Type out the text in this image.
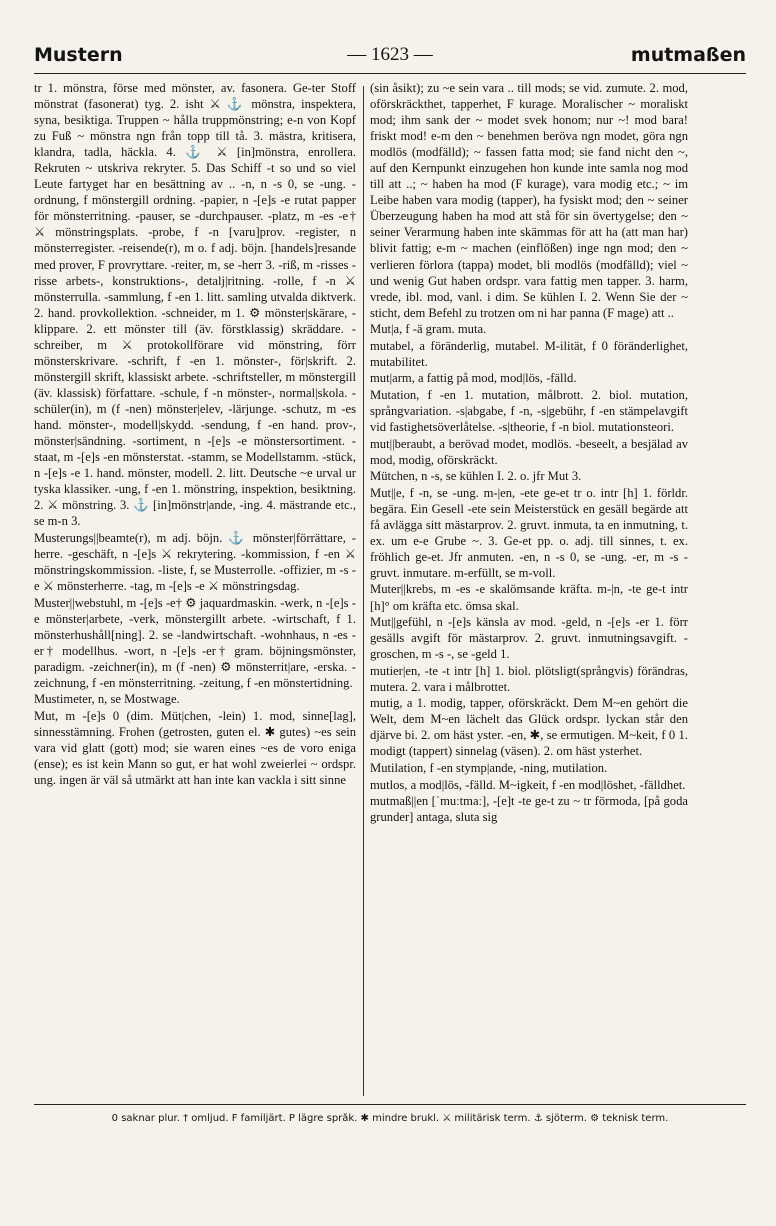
Mustern	— 1623 —	mutmaßen

tr 1. mönstra, förse med mönster, av. fasonera. Ge-ter Stoff mönstrat (fasonerat) tyg. 2. isht ⚔ ⚓ mönstra, inspektera, syna, besiktiga. Truppen ~ hålla truppmönstring; e-n von Kopf zu Fuß ~ mönstra ngn från topp till tå. 3. mästra, kritisera, klandra, tadla, häckla. 4. ⚓ ⚔ [in]mönstra, enrollera. Rekruten ~ utskriva rekryter. 5. Das Schiff -t so und so viel Leute fartyget har en besättning av .. -n, n -s 0, se -ung. -ordnung, f mönstergill ordning. -papier, n -[e]s -e rutat papper för mönsterritning. -pauser, se -durchpauser. -platz, m -es -e† ⚔ mönstringsplats. -probe, f -n [varu]prov. -register, n mönsterregister. -reisende(r), m o. f adj. böjn. [handels]resande med prover, F provryttare. -reiter, m, se -herr 3. -riß, m -risses -risse arbets-, konstruktions-, detalj|ritning. -rolle, f -n ⚔ mönsterrulla. -sammlung, f -en 1. litt. samling utvalda diktverk. 2. hand. provkollektion. -schneider, m 1. ⚙ mönster|skärare, -klippare. 2. ett mönster till (äv. förstklassig) skräddare. -schreiber, m ⚔ protokollförare vid mönstring, förr mönsterskrivare. -schrift, f -en 1. mönster-, för|skrift. 2. mönstergill skrift, klassiskt arbete. -schriftsteller, m mönstergill (äv. klassisk) författare. -schule, f -n mönster-, normal|skola. -schüler(in), m (f -nen) mönster|elev, -lärjunge. -schutz, m -es hand. mönster-, modell|skydd. -sendung, f -en hand. prov-, mönster|sändning. -sortiment, n -[e]s -e mönstersortiment. -staat, m -[e]s -en mönsterstat. -stamm, se Modellstamm. -stück, n -[e]s -e 1. hand. mönster, modell. 2. litt. Deutsche ~e urval ur tyska klassiker. -ung, f -en 1. mönstring, inspektion, besiktning. 2. ⚔ mönstring. 3. ⚓ [in]mönstr|ande, -ing. 4. mästrande etc., se m-n 3.

Musterungs||beamte(r), m adj. böjn. ⚓ mönster|förrättare, -herre. -geschäft, n -[e]s ⚔ rekrytering. -kommission, f -en ⚔ mönstringskommission. -liste, f, se Musterrolle. -offizier, m -s -e ⚔ mönsterherre. -tag, m -[e]s -e ⚔ mönstringsdag.

Muster||webstuhl, m -[e]s -e† ⚙ jaquardmaskin. -werk, n -[e]s -e mönster|arbete, -verk, mönstergillt arbete. -wirtschaft, f 1. mönsterhushåll[ning]. 2. se -landwirtschaft. -wohnhaus, n -es -er† modellhus. -wort, n -[e]s -er† gram. böjningsmönster, paradigm. -zeichner(in), m (f -nen) ⚙ mönsterrit|are, -erska. -zeichnung, f -en mönsterritning. -zeitung, f -en mönstertidning.

Mustimeter, n, se Mostwage.

Mut, m -[e]s 0 (dim. Müt|chen, -lein) 1. mod, sinne[lag], sinnesstämning. Frohen (getrosten, guten el. ✱ gutes) ~es sein vara vid glatt (gott) mod; sie waren eines ~es de voro eniga (ense); es ist kein Mann so gut, er hat wohl zweierlei ~ ordspr. ung. ingen är väl så utmärkt att han inte kan vackla i sitt sinne

(sin åsikt); zu ~e sein vara .. till mods; se vid. zumute. 2. mod, oförskräckthet, tapperhet, F kurage. Moralischer ~ moraliskt mod; ihm sank der ~ modet svek honom; nur ~! mod bara! friskt mod! e-m den ~ benehmen beröva ngn modet, göra ngn modlös (modfälld); ~ fassen fatta mod; sie fand nicht den ~, auf den Kernpunkt einzugehen hon kunde inte samla nog mod till att ..; ~ haben ha mod (F kurage), vara modig etc.; ~ im Leibe haben vara modig (tapper), ha fysiskt mod; den ~ seiner Überzeugung haben ha mod att stå för sin övertygelse; den ~ seiner Verarmung haben inte skämmas för att ha (att man har) blivit fattig; e-m ~ machen (einflößen) inge ngn mod; den ~ verlieren förlora (tappa) modet, bli modlös (modfälld); viel ~ und wenig Gut haben ordspr. vara fattig men tapper. 3. harm, vrede, ibl. mod, vanl. i dim. Se kühlen I. 2. Wenn Sie der ~ sticht, dem Befehl zu trotzen om ni har panna (F mage) att ..

Mut|a, f -ä gram. muta.

mutabel, a föränderlig, mutabel. M-ilität, f 0 föränderlighet, mutabilitet.

mut|arm, a fattig på mod, mod|lös, -fälld.

Mutation, f -en 1. mutation, målbrott. 2. biol. mutation, språngvariation. -s|abgabe, f -n, -s|gebühr, f -en stämpelavgift vid fastighetsöverlåtelse. -s|theorie, f -n biol. mutationsteori.

mut||beraubt, a berövad modet, modlös. -beseelt, a besjälad av mod, modig, oförskräckt.

Mütchen, n -s, se kühlen I. 2. o. jfr Mut 3.

Mut||e, f -n, se -ung. m-|en, -ete ge-et tr o. intr [h] 1. förldr. begära. Ein Gesell -ete sein Meisterstück en gesäll begärde att få avlägga sitt mästarprov. 2. gruvt. inmuta, ta en inmutning, t. ex. um e-e Grube ~. 3. Ge-et pp. o. adj. till sinnes, t. ex. fröhlich ge-et. Jfr anmuten. -en, n -s 0, se -ung. -er, m -s - gruvt. inmutare. m-erfüllt, se m-voll.

Muter||krebs, m -es -e skalömsande kräfta. m-|n, -te ge-t intr [h]° om kräfta etc. ömsa skal.

Mut||gefühl, n -[e]s känsla av mod. -geld, n -[e]s -er 1. förr gesälls avgift för mästarprov. 2. gruvt. inmutningsavgift. -groschen, m -s -, se -geld 1.

mutier|en, -te -t intr [h] 1. biol. plötsligt(språngvis) förändras, mutera. 2. vara i målbrottet.

mutig, a 1. modig, tapper, oförskräckt. Dem M~en gehört die Welt, dem M~en lächelt das Glück ordspr. lyckan står den djärve bi. 2. om häst yster. -en, ✱, se ermutigen. M~keit, f 0 1. modigt (tappert) sinnelag (väsen). 2. om häst ysterhet.

Mutilation, f -en stymp|ande, -ning, mutilation.

mutlos, a mod|lös, -fälld. M~igkeit, f -en mod|löshet, -fälldhet.

mutmaß||en [ˈmuːtmaː], -[e]t -te ge-t zu ~ tr förmoda, [på goda grunder] antaga, sluta sig

0 saknar plur. † omljud. F familjärt. P lägre språk. ✱ mindre brukl. ⚔ militärisk term. ⚓ sjöterm. ⚙ teknisk term.
